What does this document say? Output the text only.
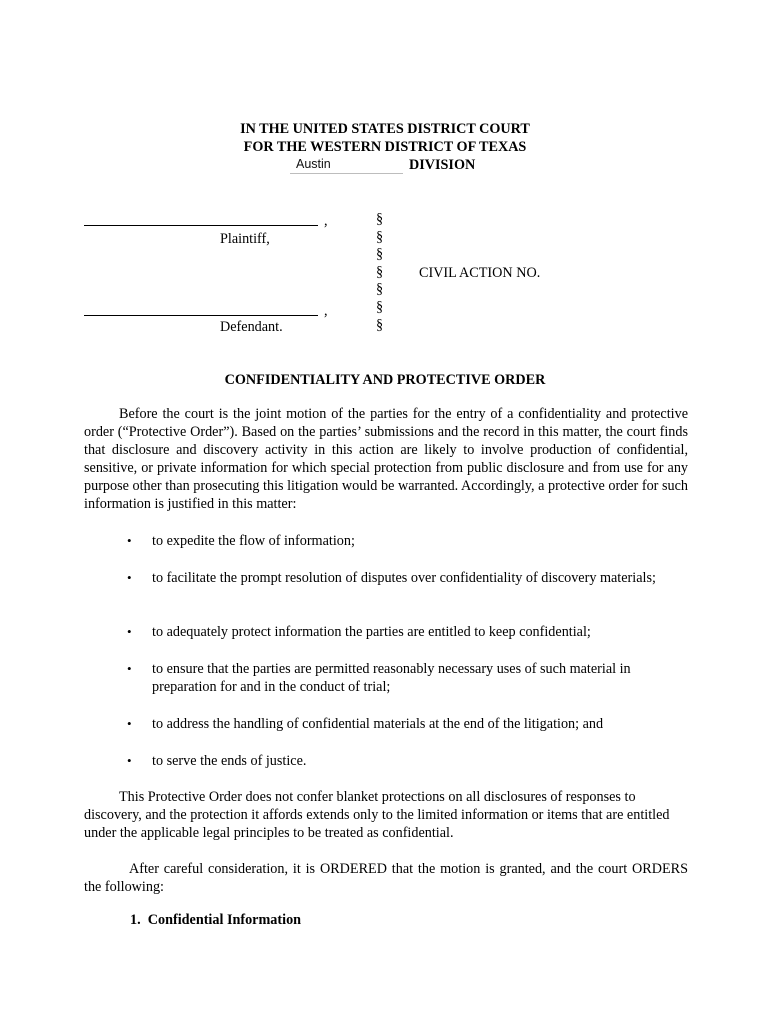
IN THE UNITED STATES DISTRICT COURT
FOR THE WESTERN DISTRICT OF TEXAS
Austin	DIVISION
,
Plaintiff,
,
Defendant.
§
§
§
§
§
§
§
CIVIL ACTION NO.
CONFIDENTIALITY AND PROTECTIVE ORDER

Before the court is the joint motion of the parties for the entry of a confidentiality and protective order (“Protective Order”). Based on the parties’ submissions and the record in this matter, the court finds that disclosure and discovery activity in this action are likely to involve production of confidential, sensitive, or private information for which special protection from public disclosure and from use for any purpose other than prosecuting this litigation would be warranted. Accordingly, a protective order for such information is justified in this matter:

• to expedite the flow of information;
• to facilitate the prompt resolution of disputes over confidentiality of discovery materials;
• to adequately protect information the parties are entitled to keep confidential;
• to ensure that the parties are permitted reasonably necessary uses of such material in preparation for and in the conduct of trial;
• to address the handling of confidential materials at the end of the litigation; and
• to serve the ends of justice.

This Protective Order does not confer blanket protections on all disclosures of responses to discovery, and the protection it affords extends only to the limited information or items that are entitled under the applicable legal principles to be treated as confidential.

After careful consideration, it is ORDERED that the motion is granted, and the court ORDERS the following:

1.  Confidential Information
